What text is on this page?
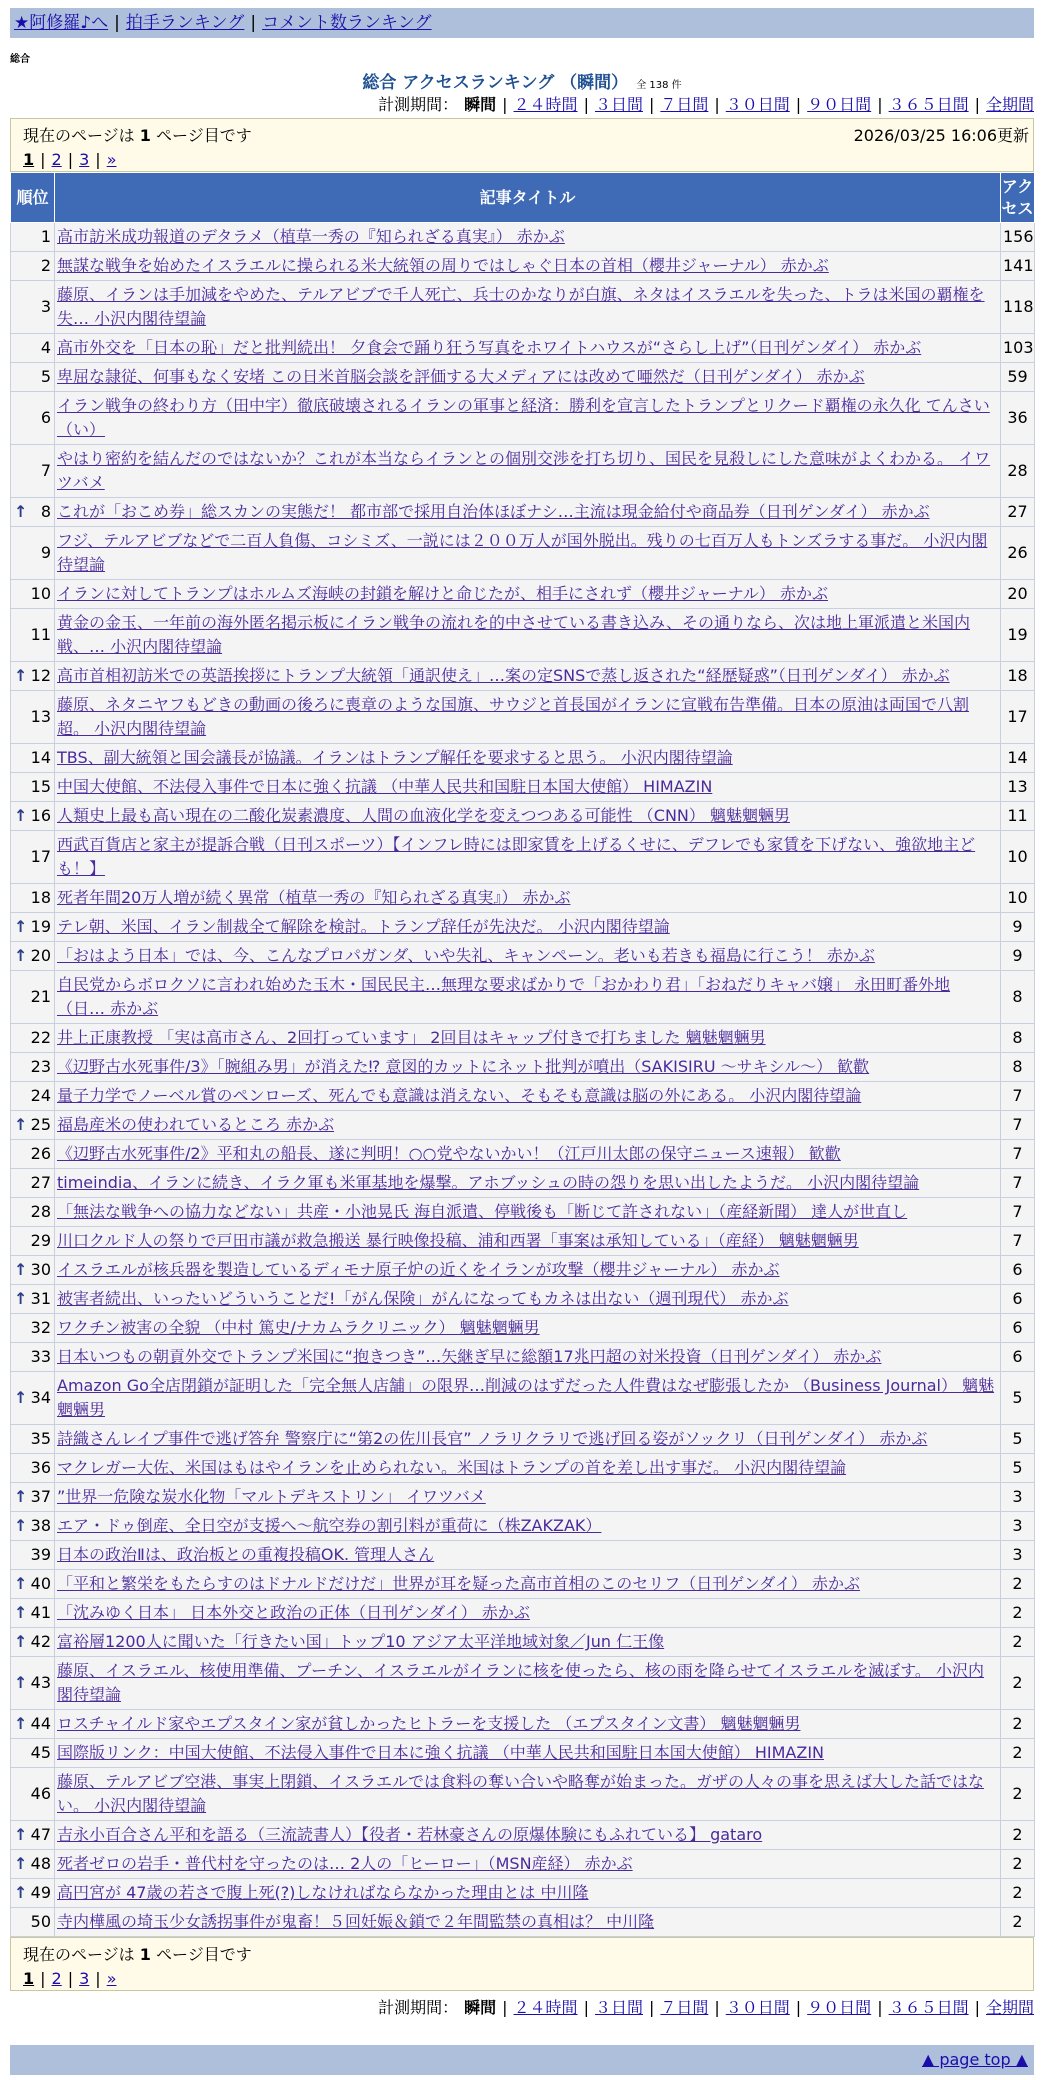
★阿修羅♪へ | 拍手ランキング | コメント数ランキング
総合
総合 アクセスランキング （瞬間） 全 138 件
計測期間： 瞬間 | ２４時間 | ３日間 | ７日間 | ３０日間 | ９０日間 | ３６５日間 | 全期間
現在のページは 1 ページ目です	2026/03/25 16:06更新
1 | 2 | 3 | »
順位	記事タイトル	アクセス
1	高市訪米成功報道のデタラメ（植草一秀の『知られざる真実』） 赤かぶ	156
2	無謀な戦争を始めたイスラエルに操られる米大統領の周りではしゃぐ日本の首相（櫻井ジャーナル） 赤かぶ	141
3	藤原、イランは手加減をやめた、テルアビブで千人死亡、兵士のかなりが白旗、ネタはイスラエルを失った、トラは米国の覇権を失… 小沢内閣待望論	118
4	高市外交を「日本の恥」だと批判続出！ 夕食会で踊り狂う写真をホワイトハウスが“さらし上げ”（日刊ゲンダイ） 赤かぶ	103
5	卑屈な隷従、何事もなく安堵 この日米首脳会談を評価する大メディアには改めて唖然だ（日刊ゲンダイ） 赤かぶ	59
6	イラン戦争の終わり方（田中宇）徹底破壊されるイランの軍事と経済：勝利を宣言したトランプとリクード覇権の永久化 てんさい（い）	36
7	やはり密約を結んだのではないか？これが本当ならイランとの個別交渉を打ち切り、国民を見殺しにした意味がよくわかる。 イワツバメ	28

↑ 8	これが「おこめ券」総スカンの実態だ！ 都市部で採用自治体ほぼナシ…主流は現金給付や商品券（日刊ゲンダイ） 赤かぶ	27
9	フジ、テルアビブなどで二百人負傷、コシミズ、一説には２００万人が国外脱出。残りの七百万人もトンズラする事だ。 小沢内閣待望論	26
10	イランに対してトランプはホルムズ海峡の封鎖を解けと命じたが、相手にされず（櫻井ジャーナル） 赤かぶ	20
11	黄金の金玉、一年前の海外匿名掲示板にイラン戦争の流れを的中させている書き込み、その通りなら、次は地上軍派遣と米国内戦、… 小沢内閣待望論	19

↑ 12	高市首相初訪米での英語挨拶にトランプ大統領「通訳使え」…案の定SNSで蒸し返された“経歴疑惑”（日刊ゲンダイ） 赤かぶ	18
13	藤原、ネタニヤフもどきの動画の後ろに喪章のような国旗、サウジと首長国がイランに宣戦布告準備。日本の原油は両国で八割超。 小沢内閣待望論	17
14	TBS、副大統領と国会議長が協議。イランはトランプ解任を要求すると思う。 小沢内閣待望論	14
15	中国大使館、不法侵入事件で日本に強く抗議 （中華人民共和国駐日本国大使館） HIMAZIN	13

↑ 16	人類史上最も高い現在の二酸化炭素濃度、人間の血液化学を変えつつある可能性 （CNN） 魑魅魍魎男	11
17	西武百貨店と家主が提訴合戦（日刊スポーツ）【インフレ時には即家賃を上げるくせに、デフレでも家賃を下げない、強欲地主ども！】	10
18	死者年間20万人増が続く異常（植草一秀の『知られざる真実』） 赤かぶ	10

↑ 19	テレ朝、米国、イラン制裁全て解除を検討。トランプ辞任が先決だ。 小沢内閣待望論	9

↑ 20	「おはよう日本」では、今、こんなプロパガンダ、いや失礼、キャンペーン。老いも若きも福島に行こう！ 赤かぶ	9
21	自民党からボロクソに言われ始めた玉木・国民民主…無理な要求ばかりで「おかわり君」「おねだりキャバ嬢」 永田町番外地（日… 赤かぶ	8
22	井上正康教授 「実は高市さん、2回打っています」 2回目はキャップ付きで打ちました 魑魅魍魎男	8
23	《辺野古水死事件/3》「腕組み男」が消えた⁉ 意図的カットにネット批判が噴出（SAKISIRU 〜サキシル〜） 歓歡	8
24	量子力学でノーベル賞のペンローズ、死んでも意識は消えない、そもそも意識は脳の外にある。 小沢内閣待望論	7

↑ 25	福島産米の使われているところ 赤かぶ	7
26	《辺野古水死事件/2》平和丸の船長、遂に判明！○○党やないかい！（江戸川太郎の保守ニュース速報） 歓歡	7
27	timeindia、イランに続き、イラク軍も米軍基地を爆撃。アホブッシュの時の怨りを思い出したようだ。 小沢内閣待望論	7
28	「無法な戦争への協力などない」共産・小池晃氏 海自派遣、停戦後も「断じて許されない」（産経新聞） 達人が世直し	7
29	川口クルド人の祭りで戸田市議が救急搬送 暴行映像投稿、浦和西署「事案は承知している」（産経） 魑魅魍魎男	7

↑ 30	イスラエルが核兵器を製造しているディモナ原子炉の近くをイランが攻撃（櫻井ジャーナル） 赤かぶ	6

↑ 31	被害者続出、いったいどういうことだ!「がん保険」がんになってもカネは出ない（週刊現代） 赤かぶ	6
32	ワクチン被害の全貌 （中村 篤史/ナカムラクリニック） 魑魅魍魎男	6
33	日本いつもの朝貢外交でトランプ米国に“抱きつき”…矢継ぎ早に総額17兆円超の対米投資（日刊ゲンダイ） 赤かぶ	6

↑ 34	Amazon Go全店閉鎖が証明した「完全無人店舗」の限界…削減のはずだった人件費はなぜ膨張したか （Business Journal） 魑魅魍魎男	5
35	詩織さんレイプ事件で逃げ答弁 警察庁に“第2の佐川長官” ノラリクラリで逃げ回る姿がソックリ（日刊ゲンダイ） 赤かぶ	5
36	マクレガー大佐、米国はもはやイランを止められない。米国はトランプの首を差し出す事だ。 小沢内閣待望論	5

↑ 37	”世界一危険な炭水化物「マルトデキストリン」 イワツバメ	3

↑ 38	エア・ドゥ倒産、全日空が支援へ〜航空券の割引料が重荷に（株ZAKZAK）	3
39	日本の政治Ⅱは、政治板との重複投稿OK. 管理人さん	3

↑ 40	「平和と繁栄をもたらすのはドナルドだけだ」世界が耳を疑った高市首相のこのセリフ（日刊ゲンダイ） 赤かぶ	2

↑ 41	「沈みゆく日本」 日本外交と政治の正体（日刊ゲンダイ） 赤かぶ	2

↑ 42	富裕層1200人に聞いた「行きたい国」トップ10 アジア太平洋地域対象／Jun 仁王像	2

↑ 43	藤原、イスラエル、核使用準備、プーチン、イスラエルがイランに核を使ったら、核の雨を降らせてイスラエルを滅ぼす。 小沢内閣待望論	2

↑ 44	ロスチャイルド家やエプスタイン家が貧しかったヒトラーを支援した （エプスタイン文書） 魑魅魍魎男	2
45	国際版リンク：中国大使館、不法侵入事件で日本に強く抗議 （中華人民共和国駐日本国大使館） HIMAZIN	2
46	藤原、テルアビブ空港、事実上閉鎖、イスラエルでは食料の奪い合いや略奪が始まった。ガザの人々の事を思えば大した話ではない。 小沢内閣待望論	2

↑ 47	吉永小百合さん平和を語る（三流読書人）【役者・若林豪さんの原爆体験にもふれている】 gataro	2

↑ 48	死者ゼロの岩手・普代村を守ったのは… 2人の「ヒーロー」（MSN産経） 赤かぶ	2

↑ 49	高円宮が 47歳の若さで腹上死(?)しなければならなかった理由とは 中川隆	2
50	寺内樺風の埼玉少女誘拐事件が鬼畜！５回妊娠＆鎖で２年間監禁の真相は？ 中川隆	2
現在のページは 1 ページ目です
1 | 2 | 3 | »
計測期間： 瞬間 | ２４時間 | ３日間 | ７日間 | ３０日間 | ９０日間 | ３６５日間 | 全期間
▲ page top ▲
